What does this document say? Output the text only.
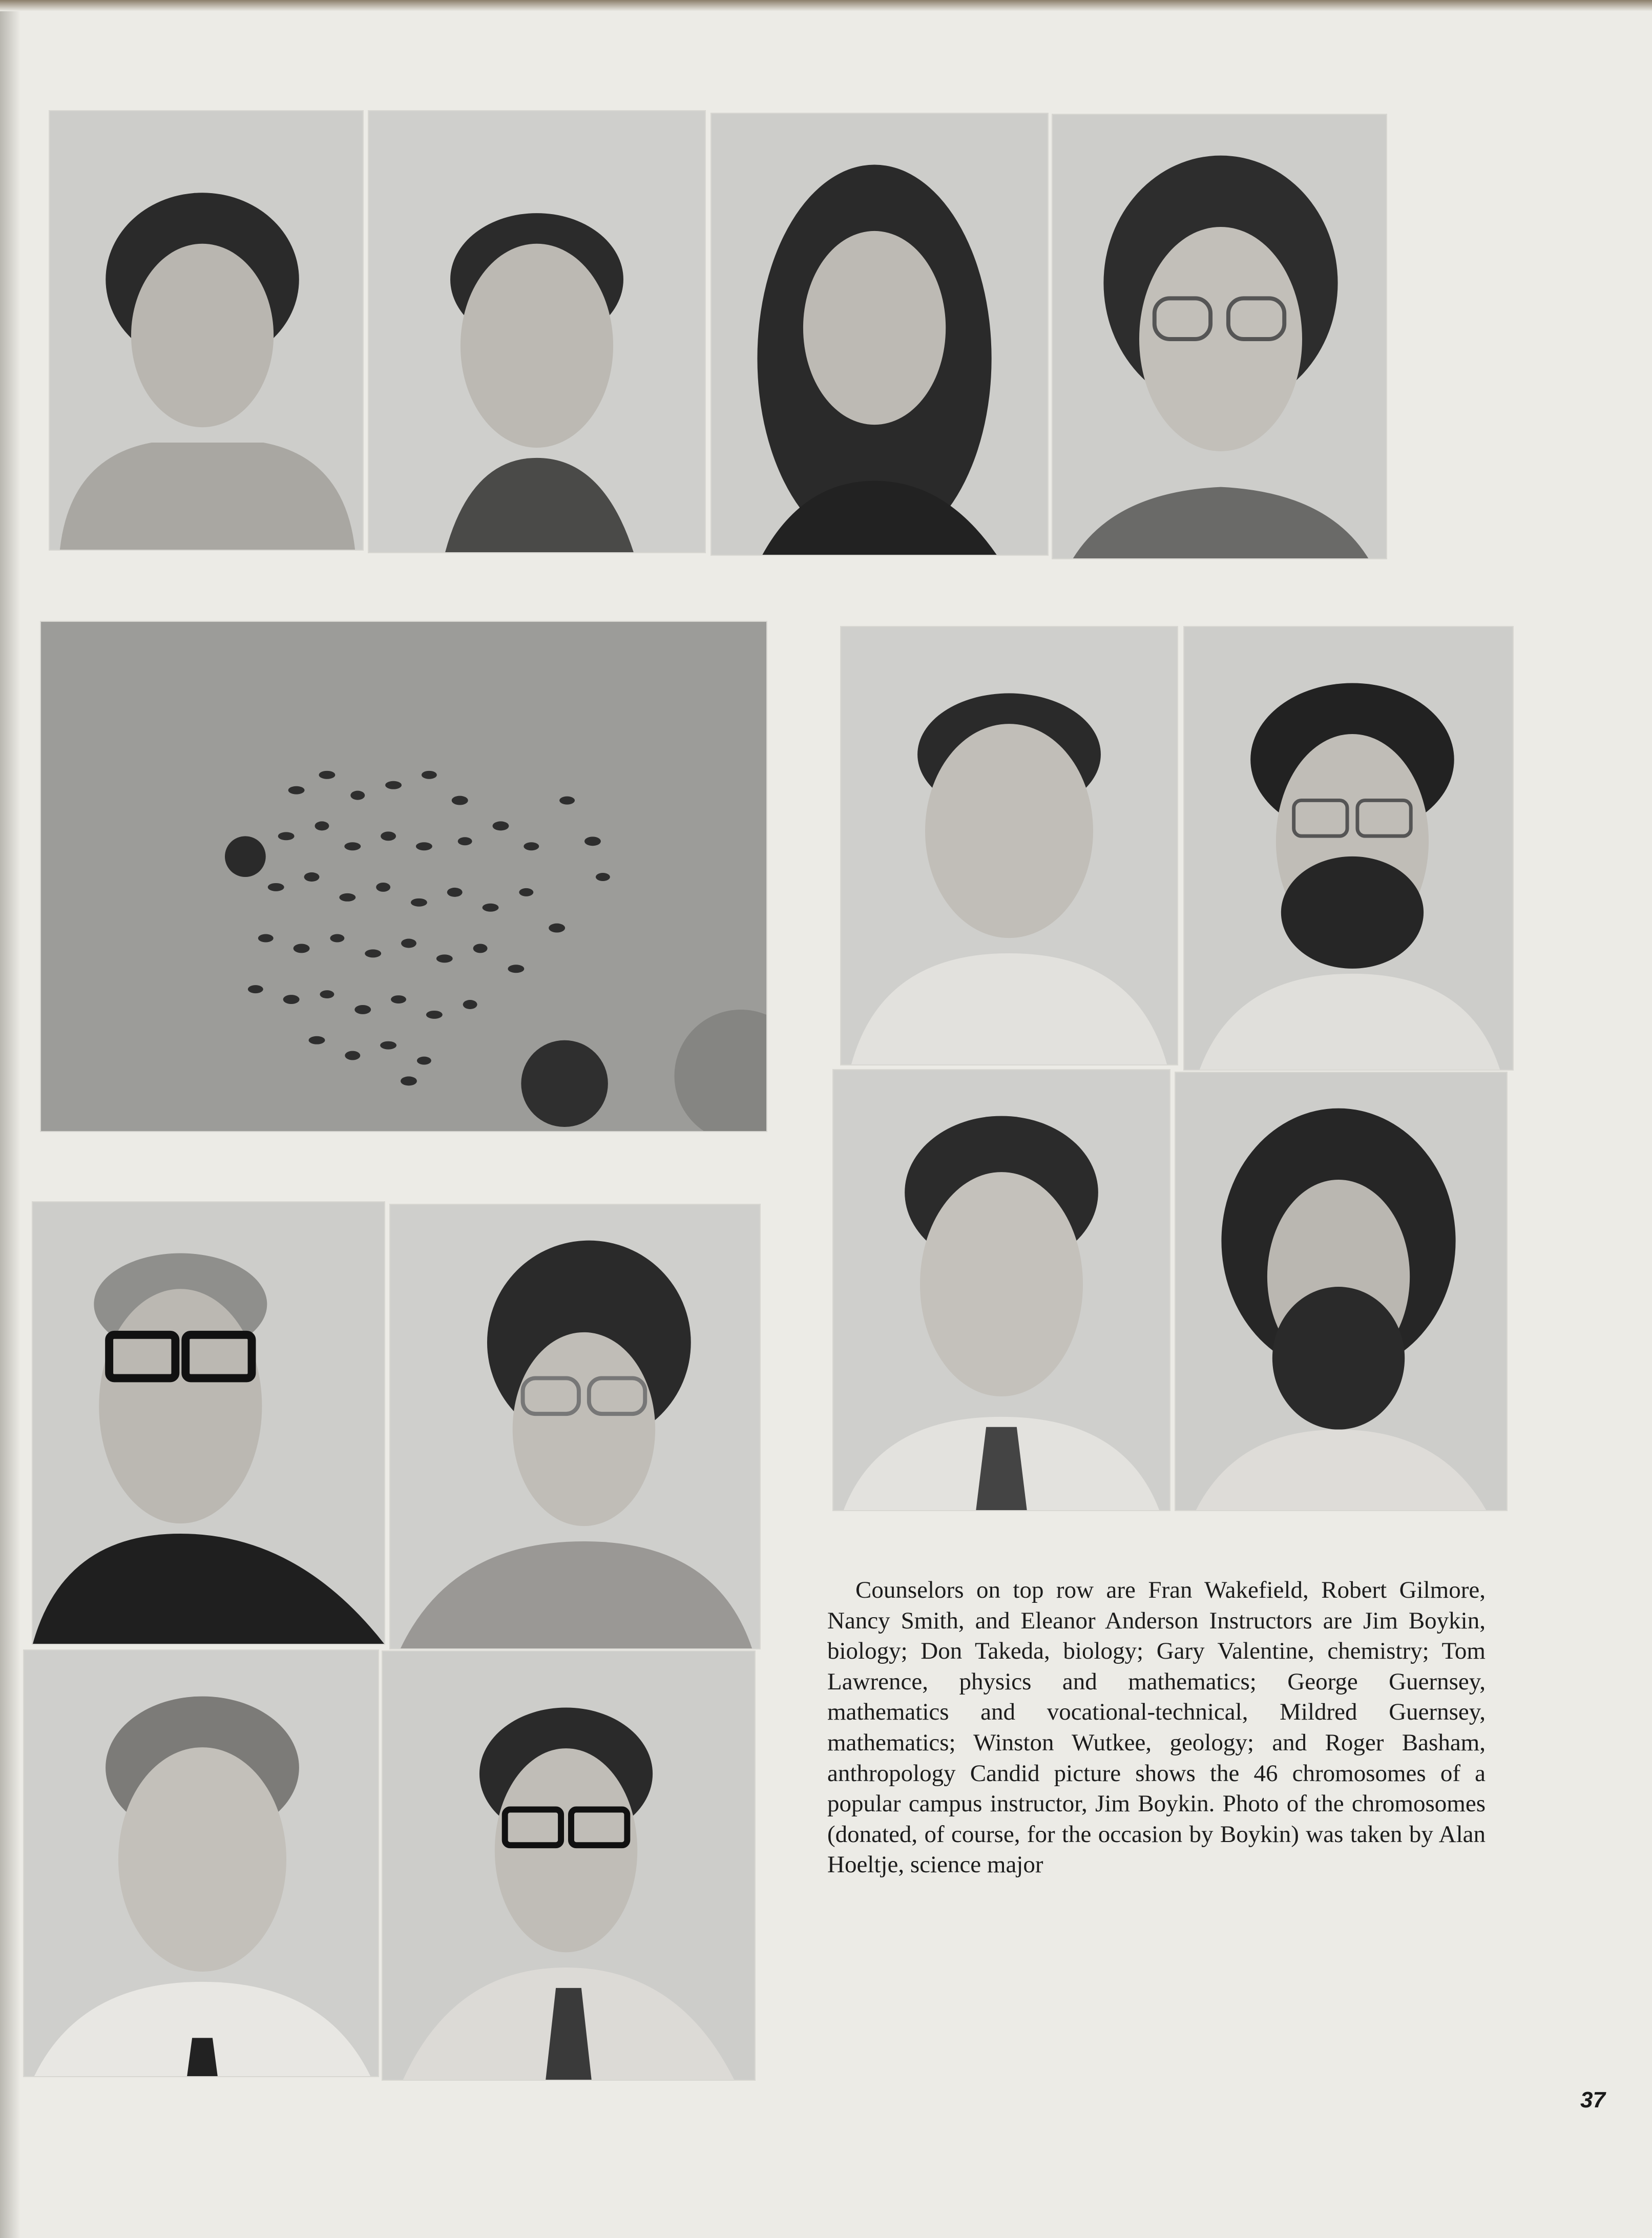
Counselors on top row are Fran Wakefield, Robert Gilmore, Nancy Smith, and Eleanor Anderson Instructors are Jim Boykin, biology; Don Takeda, biology; Gary Valentine, chemistry; Tom Lawrence, physics and mathematics; George Guernsey, mathematics and vocational-technical, Mildred Guernsey, mathematics; Winston Wutkee, geology; and Roger Basham, anthropology Candid picture shows the 46 chromosomes of a popular campus instructor, Jim Boykin. Photo of the chromosomes (donated, of course, for the occasion by Boykin) was taken by Alan Hoeltje, science major
37
